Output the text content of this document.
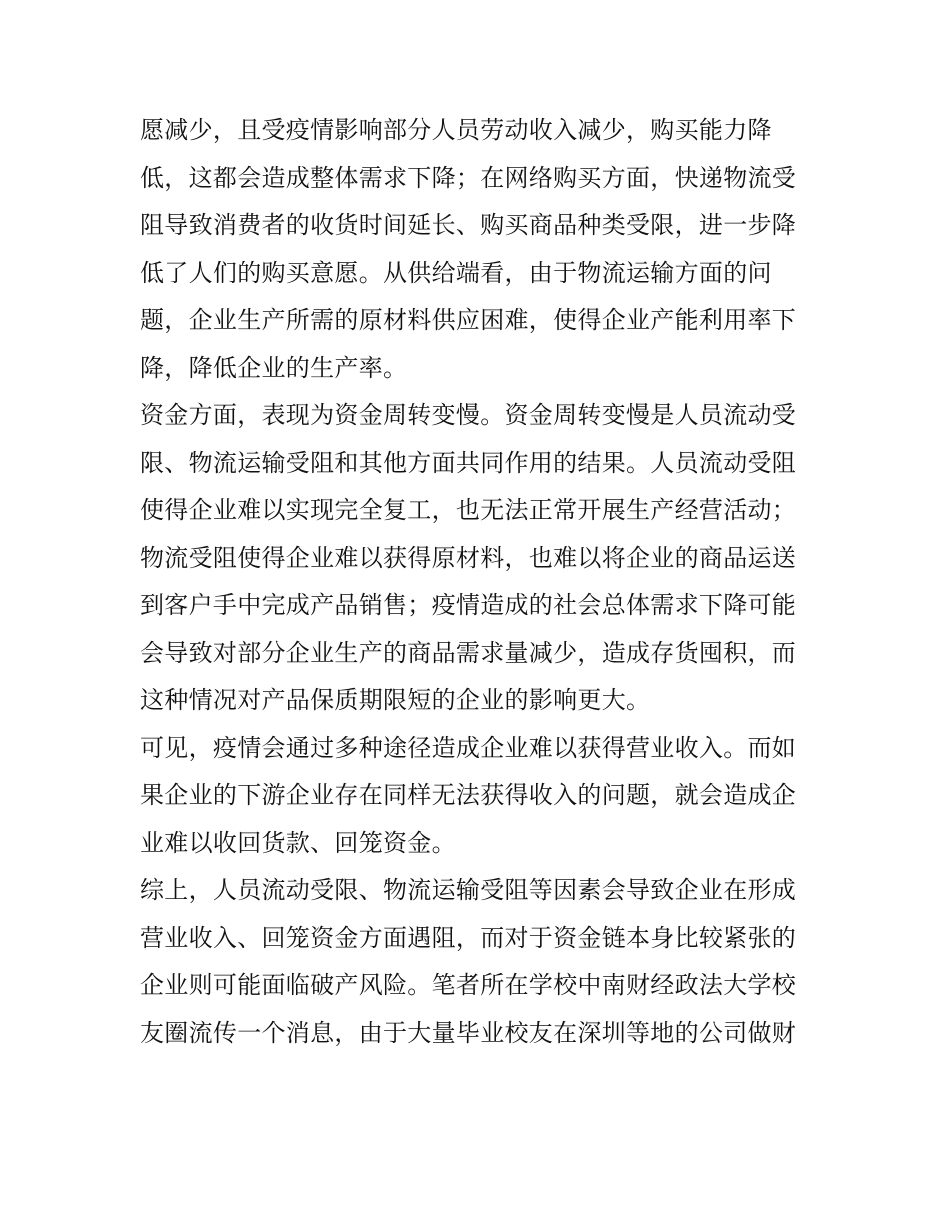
愿减少，且受疫情影响部分人员劳动收入减少，购买能力降
低，这都会造成整体需求下降；在网络购买方面，快递物流受
阻导致消费者的收货时间延长、购买商品种类受限，进一步降
低了人们的购买意愿。从供给端看，由于物流运输方面的问
题，企业生产所需的原材料供应困难，使得企业产能利用率下
降，降低企业的生产率。
资金方面，表现为资金周转变慢。资金周转变慢是人员流动受
限、物流运输受阻和其他方面共同作用的结果。人员流动受阻
使得企业难以实现完全复工，也无法正常开展生产经营活动；
物流受阻使得企业难以获得原材料，也难以将企业的商品运送
到客户手中完成产品销售；疫情造成的社会总体需求下降可能
会导致对部分企业生产的商品需求量减少，造成存货囤积，而
这种情况对产品保质期限短的企业的影响更大。
可见，疫情会通过多种途径造成企业难以获得营业收入。而如
果企业的下游企业存在同样无法获得收入的问题，就会造成企
业难以收回货款、回笼资金。
综上，人员流动受限、物流运输受阻等因素会导致企业在形成
营业收入、回笼资金方面遇阻，而对于资金链本身比较紧张的
企业则可能面临破产风险。笔者所在学校中南财经政法大学校
友圈流传一个消息，由于大量毕业校友在深圳等地的公司做财
